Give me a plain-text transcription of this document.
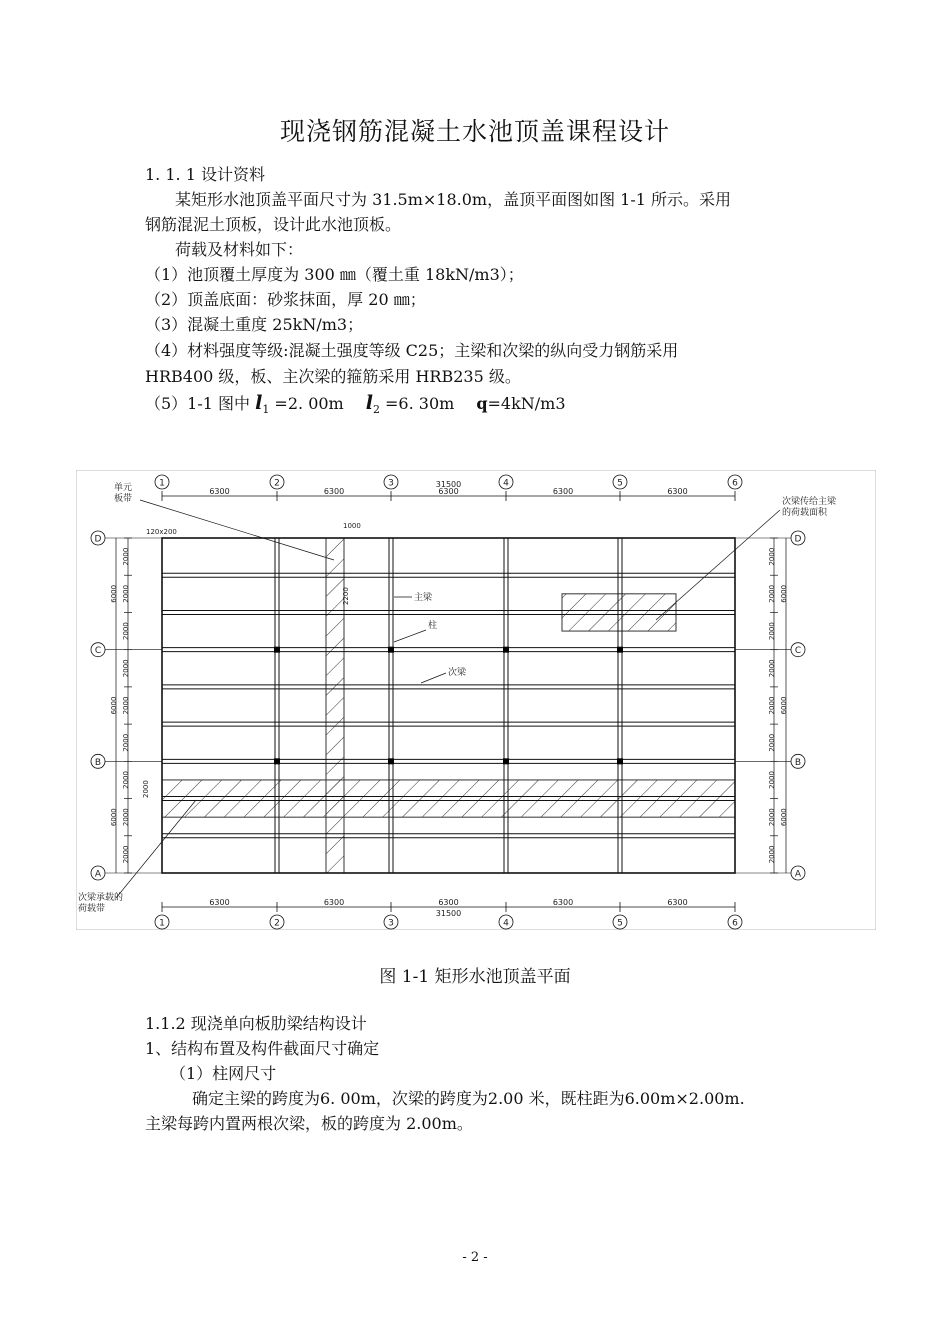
现浇钢筋混凝土水池顶盖课程设计
1. 1. 1 设计资料
某矩形水池顶盖平面尺寸为 31.5m×18.0m，盖顶平面图如图 1-1 所示。采用
钢筋混泥土顶板，设计此水池顶板。
荷载及材料如下：
（1）池顶覆土厚度为 300 ㎜（覆土重 18kN/m3）；
（2）顶盖底面：砂浆抹面，厚 20 ㎜；
（3）混凝土重度 25kN/m3；
（4）材料强度等级:混凝土强度等级 C25；主梁和次梁的纵向受力钢筋采用
HRB400 级，板、主次梁的箍筋采用 HRB235 级。
（5）1-1 图中 $l_1 =2$. 00m $l_2 =6$. 30m q=4kN/m3
1
6300
2
6300
3
6300
4
6300
5
6300
6
31500
1
6300
2
6300
3
6300
4
6300
5
6300
6
31500
D	D
C	C
B	B
A	A
2000
2000
2000
2000
2000
2000
2000
2000
2000
6000
6000
6000
2000
2000
2000
2000
2000
2000
2000
2000
2000
6000
6000
6000
单元
板带
120x200
1000
主梁
柱
次梁
2200
2000
次梁传给主梁
的荷载面积
次梁承载的
荷载带
图 1-1 矩形水池顶盖平面
1.1.2 现浇单向板肋梁结构设计
1、结构布置及构件截面尺寸确定
（1）柱网尺寸
确定主梁的跨度为6. 00m，次梁的跨度为2.00 米，既柱距为6.00m×2.00m.
主梁每跨内置两根次梁，板的跨度为 2.00m。
- 2 -
